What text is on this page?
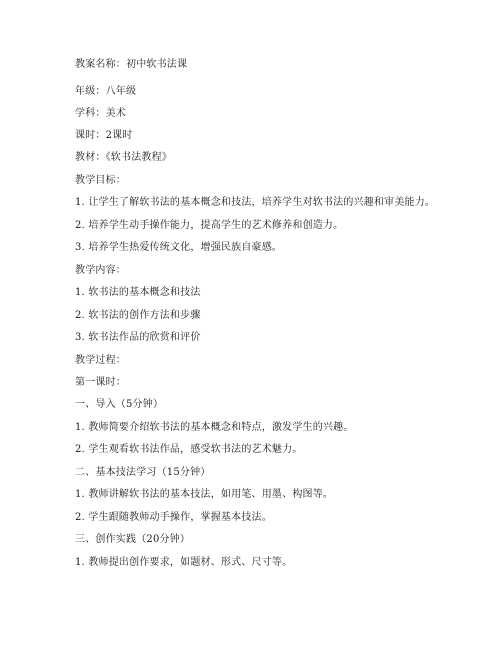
教案名称：初中软书法课
年级：八年级
学科：美术
课时：2课时
教材：《软书法教程》
教学目标：
1. 让学生了解软书法的基本概念和技法，培养学生对软书法的兴趣和审美能力。
2. 培养学生动手操作能力，提高学生的艺术修养和创造力。
3. 培养学生热爱传统文化，增强民族自豪感。
教学内容：
1. 软书法的基本概念和技法
2. 软书法的创作方法和步骤
3. 软书法作品的欣赏和评价
教学过程：
第一课时：
一、导入（5分钟）
1. 教师简要介绍软书法的基本概念和特点，激发学生的兴趣。
2. 学生观看软书法作品，感受软书法的艺术魅力。
二、基本技法学习（15分钟）
1. 教师讲解软书法的基本技法，如用笔、用墨、构图等。
2. 学生跟随教师动手操作，掌握基本技法。
三、创作实践（20分钟）
1. 教师提出创作要求，如题材、形式、尺寸等。
